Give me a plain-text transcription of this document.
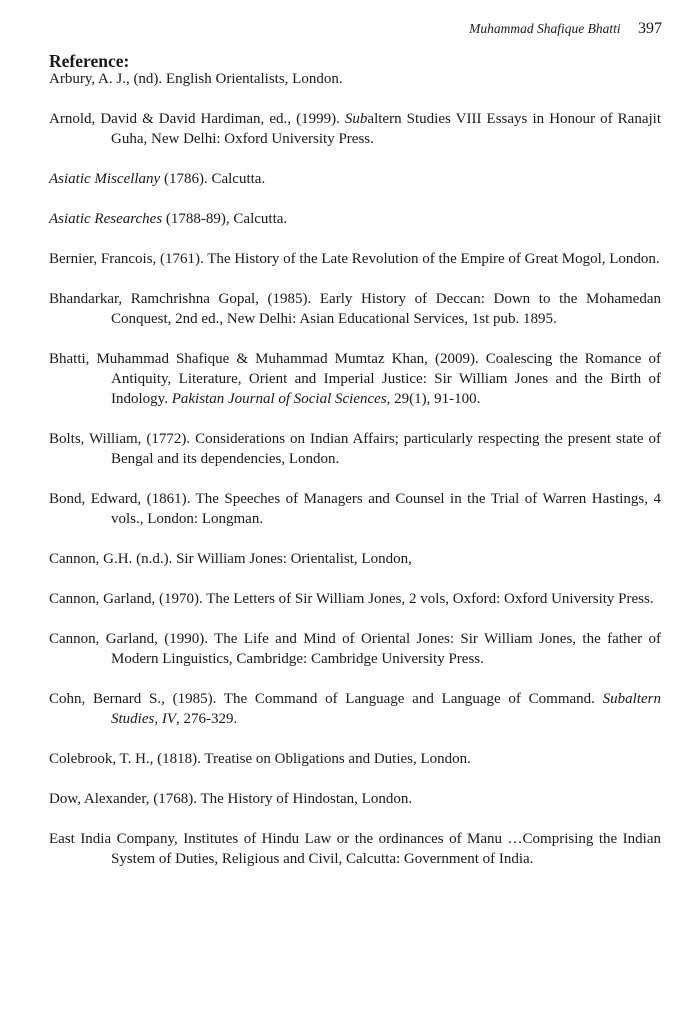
Muhammad Shafique Bhatti 397
Reference:

Arbury, A. J., (nd). English Orientalists, London.

Arnold, David & David Hardiman, ed., (1999). Subaltern Studies VIII Essays in Honour of Ranajit Guha, New Delhi: Oxford University Press.

Asiatic Miscellany (1786). Calcutta.

Asiatic Researches (1788-89), Calcutta.

Bernier, Francois, (1761). The History of the Late Revolution of the Empire of Great Mogol, London.

Bhandarkar, Ramchrishna Gopal, (1985). Early History of Deccan: Down to the Mohamedan Conquest, 2nd ed., New Delhi: Asian Educational Services, 1st pub. 1895.

Bhatti, Muhammad Shafique & Muhammad Mumtaz Khan, (2009). Coalescing the Romance of Antiquity, Literature, Orient and Imperial Justice: Sir William Jones and the Birth of Indology. Pakistan Journal of Social Sciences, 29(1), 91-100.

Bolts, William, (1772). Considerations on Indian Affairs; particularly respecting the present state of Bengal and its dependencies, London.

Bond, Edward, (1861). The Speeches of Managers and Counsel in the Trial of Warren Hastings, 4 vols., London: Longman.

Cannon, G.H. (n.d.). Sir William Jones: Orientalist, London,

Cannon, Garland, (1970). The Letters of Sir William Jones, 2 vols, Oxford: Oxford University Press.

Cannon, Garland, (1990). The Life and Mind of Oriental Jones: Sir William Jones, the father of Modern Linguistics, Cambridge: Cambridge University Press.

Cohn, Bernard S., (1985). The Command of Language and Language of Command. Subaltern Studies, IV, 276-329.

Colebrook, T. H., (1818). Treatise on Obligations and Duties, London.

Dow, Alexander, (1768). The History of Hindostan, London.

East India Company, Institutes of Hindu Law or the ordinances of Manu …Comprising the Indian System of Duties, Religious and Civil, Calcutta: Government of India.
